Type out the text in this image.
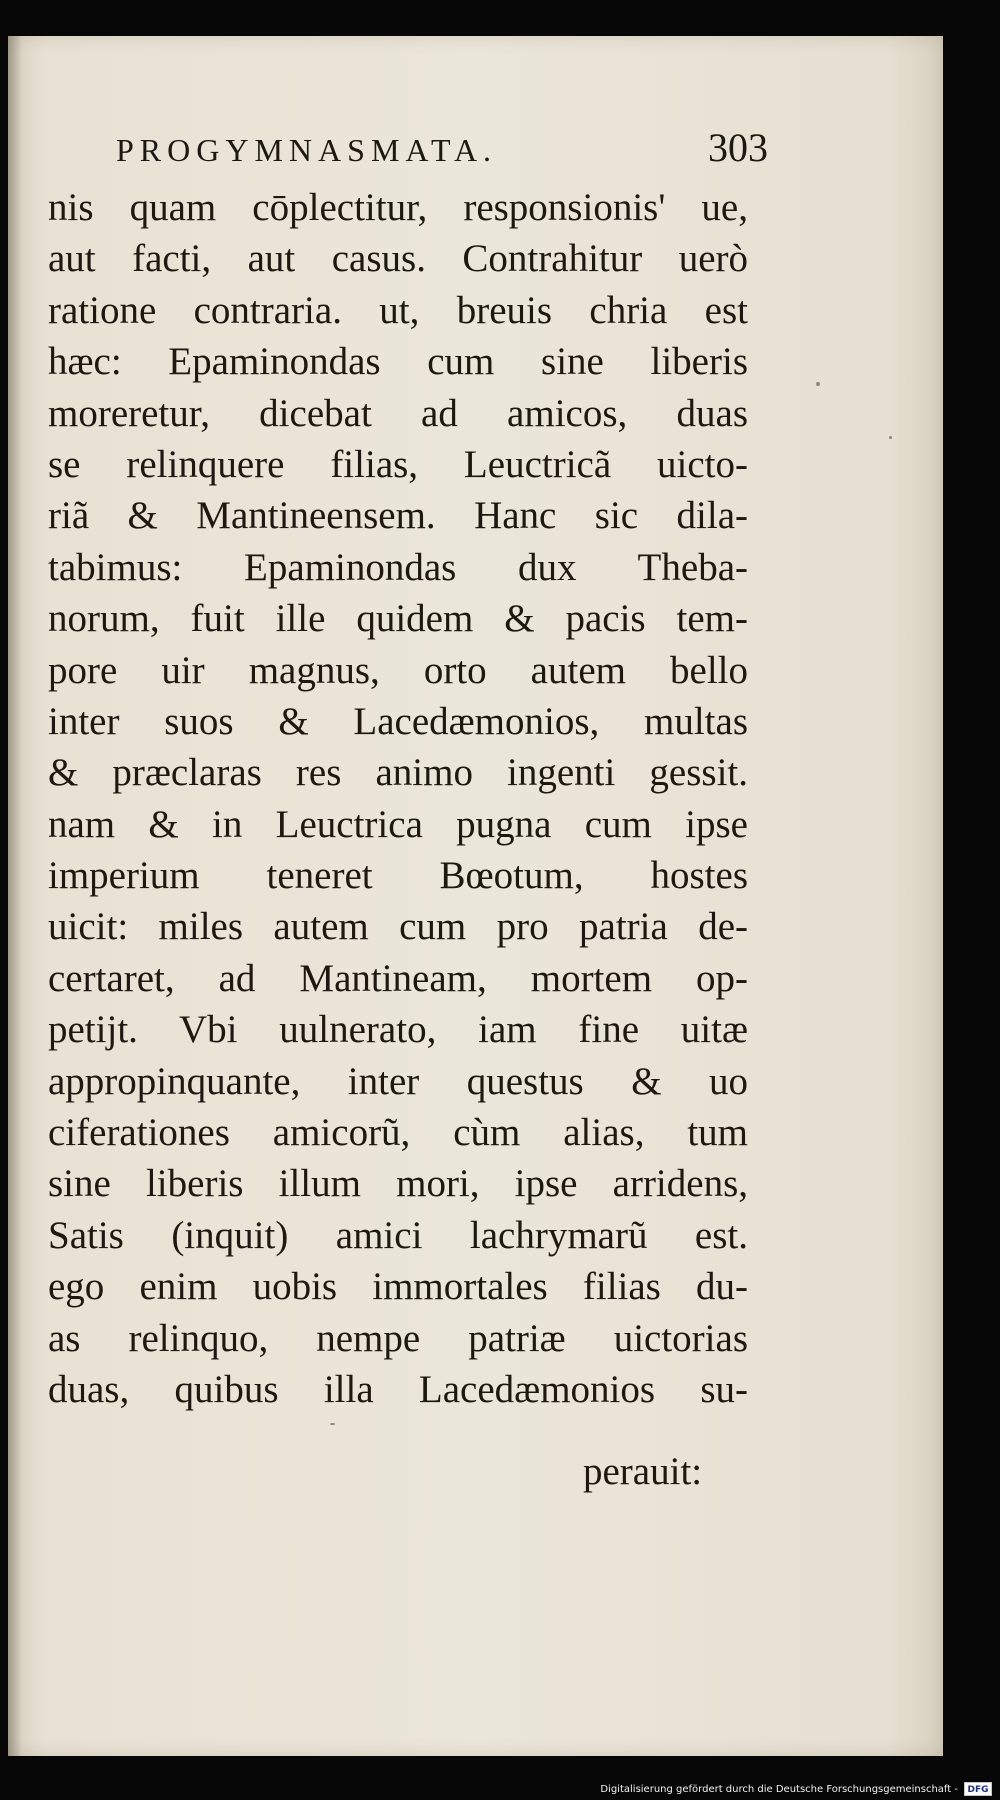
PROGYMNASMATA.	303
nis quam cōplectitur, responsionis' ue,
aut facti, aut casus. Contrahitur uerò
ratione contraria. ut, breuis chria est
hæc: Epaminondas cum sine liberis
moreretur, dicebat ad amicos, duas
se relinquere filias, Leuctricã uicto-
riã & Mantineensem. Hanc sic dila-
tabimus: Epaminondas dux Theba-
norum, fuit ille quidem & pacis tem-
pore uir magnus, orto autem bello
inter suos & Lacedæmonios, multas
& præclaras res animo ingenti gessit.
nam & in Leuctrica pugna cum ipse
imperium teneret Bœotum, hostes
uicit: miles autem cum pro patria de-
certaret, ad Mantineam, mortem op-
petijt. Vbi uulnerato, iam fine uitæ
appropinquante, inter questus & uo
ciferationes amicorũ, cùm alias, tum
sine liberis illum mori, ipse arridens,
Satis (inquit) amici lachrymarũ est.
ego enim uobis immortales filias du-
as relinquo, nempe patriæ uictorias
duas, quibus illa Lacedæmonios su-
perauit:
Digitalisierung gefördert durch die Deutsche Forschungsgemeinschaft -	DFG
